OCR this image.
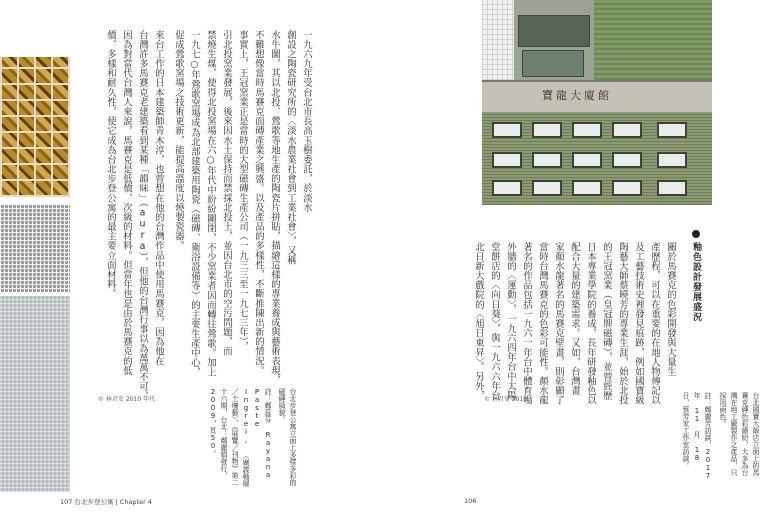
一九六九年受台北市長高玉樹委託，於淡水
創設之陶瓷研究所的〈淡水農業社會到工業社會〉，又稱
水牛圖，其以北投、鶯歌等地生產的陶瓷片拼貼，描繪這樣的專業養成與藝術表現，
不難想像當時馬賽克面磚產業之興盛。以及產品的多樣性，不斷推陳出新的情況。
事實上，王冠窯業正是當時的大型磁磚生產公司（一九三三至一九七三年），
引北投窯業發展，後來因水土保持而禁採北投土，並因台北市的空污問題，而
禁燒生煤，使得北投窯場在六○年代中紛紛關閉，不少窯業者因而轉往鶯歌。加上
一九七○年鶯歌窯場成為北部建築用陶瓷（磁磚、衛浴設備等）的主要生產中心，
促成鶯歌窯場之技術更新，能提高溫度以燒製瓷器。
來台工作的日本建築師青木淳，也曾想在他的台灣作品中使用馬賽克，因為他在
台灣許多馬賽克老建築看到某種「韻味」（aura），但他的台灣行事以為萬萬不可，
因為對當代台灣人來說，馬賽克是低價、次級的材料。但當年也是由於馬賽克的低
價、多樣和耐久性，使它成為台北步登公寓的最主要立面材料。
© 林君安 2010 年代	台北步登公寓立面上多樣多彩的磁磚風貌。
註：鄭蕊芬 Rayana Paste Ingrei, 〈廣義釉層／土壤藝〉，《展覽／刊物》第二十六期，台北：鄭麗娟發行，2009，頁50。
107 台北步登公寓 | Chapter 4
寶龍大廈館
釉色設計發展盛況
關於馬賽克的色彩開發與大量生
產歷程，可以在重要的在地人物傳記以
及工藝技術史裡發見痕跡，例如國寶級
陶藝大師蔡曉芳的專業生涯，始於北投
的王冠窯業（皇冠牌磁磚），並曾經歷
日本專業學院的養成，長年研發釉色以
配合大量的建築需求。又如，台灣畫
家顏水龍著名的馬賽克壁畫，則彰顯了
當時台灣馬賽克的色彩可能性。顏水龍
著名的作品包括一九六一年台中體育場
外牆的〈運動〉，一九六四年台中太陽
堂餅店的〈向日葵〉，與一九六六年台
北日新大戲院的〈旭日東昇〉。另外， © 林君安 2010	台北國寶大飯店立面上的馬賽克磚色彩繽紛，大多為台灣在地工廠製作之產品，只採用兩色。
註：鄭麗芳訪談，2017 年 11 月 18 日，蔡芳家工作室訪談。
106
